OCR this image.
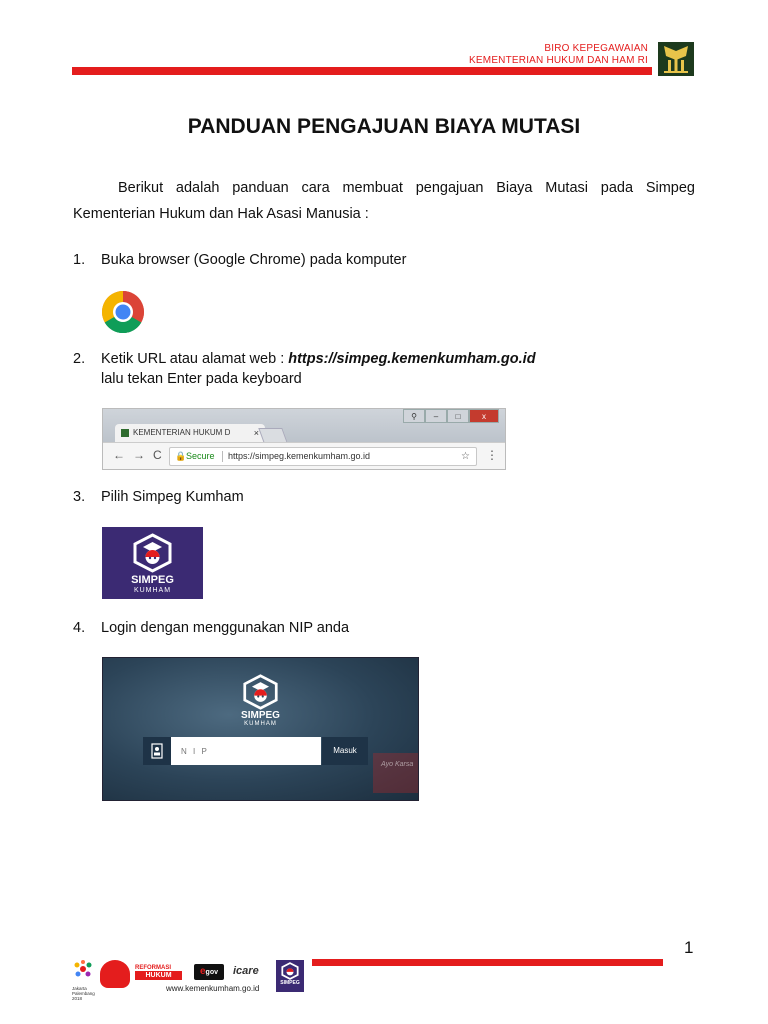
BIRO KEPEGAWAIAN
KEMENTERIAN HUKUM DAN HAM RI
PANDUAN PENGAJUAN BIAYA MUTASI
Berikut adalah panduan cara membuat pengajuan Biaya Mutasi pada Simpeg Kementerian Hukum dan Hak Asasi Manusia :
1. Buka browser (Google Chrome) pada komputer
2. Ketik URL atau alamat web : https://simpeg.kemenkumham.go.id
lalu tekan Enter pada keyboard
KEMENTERIAN HUKUM D	×
⚲	–	□	x
← → C 🔒 Secure https://simpeg.kemenkumham.go.id	☆ ⋮
3. Pilih Simpeg Kumham
SIMPEG
KUMHAM
4. Login dengan menggunakan NIP anda
Ayo Karsa
SIMPEG
KUMHAM
N I P
Masuk
1
Jakarta Palembang 2018
REFORMASI
HUKUM	egov	icare
SIMPEG
www.kemenkumham.go.id
